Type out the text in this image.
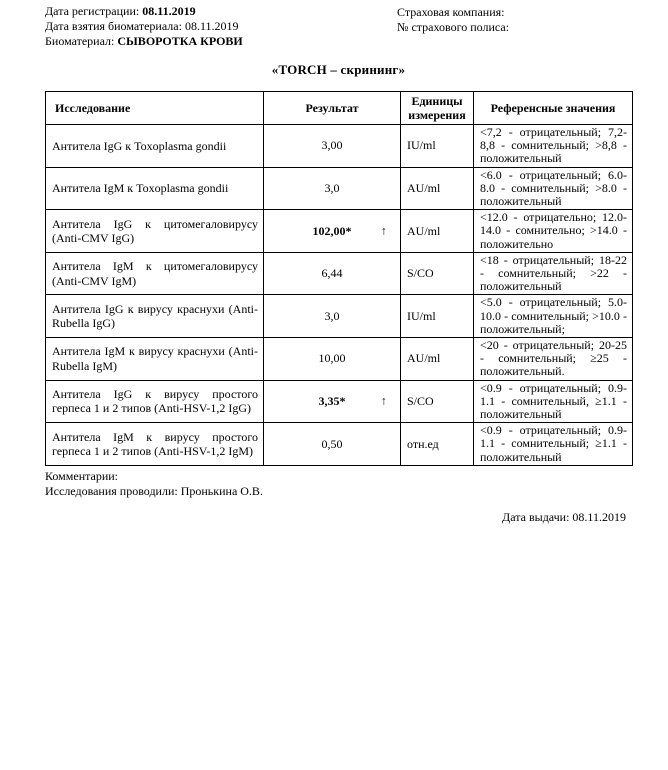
Дата регистрации: 08.11.2019
Дата взятия биоматериала: 08.11.2019
Биоматериал: СЫВОРОТКА КРОВИ
Страховая компания:
№ страхового полиса:
«TORCH – скрининг»
Исследование	Результат	Единицы измерения	Референсные значения
Антитела IgG к Toxoplasma gondii	3,00	IU/ml	<7,2 - отрицательный; 7,2-8,8 - сомнительный; >8,8 - положительный
Антитела IgM к Toxoplasma gondii	3,0	AU/ml	<6.0 - отрицательный; 6.0-8.0 - сомнительный; >8.0 - положительный
Антитела IgG к цитомегаловирусу (Anti-CMV IgG)	102,00* ↑	AU/ml	<12.0 - отрицательно; 12.0-14.0 - сомнительно; >14.0 - положительно
Антитела IgM к цитомегаловирусу (Anti-CMV IgM)	6,44	S/CO	<18 - отрицательный; 18-22 - сомнительный; >22 - положительный
Антитела IgG к вирусу краснухи (Anti-Rubella IgG)	3,0	IU/ml	<5.0 - отрицательный; 5.0-10.0 - сомнительный; >10.0 - положительный;
Антитела IgM к вирусу краснухи (Anti-Rubella IgM)	10,00	AU/ml	<20 - отрицательный; 20-25 - сомнительный; ≥25 - положительный.
Антитела IgG к вирусу простого герпеса 1 и 2 типов (Anti-HSV-1,2 IgG)	3,35* ↑	S/CO	<0.9 - отрицательный; 0.9-1.1 - сомнительный, ≥1.1 - положительный
Антитела IgM к вирусу простого герпеса 1 и 2 типов (Anti-HSV-1,2 IgM)	0,50	отн.ед	<0.9 - отрицательный; 0.9-1.1 - сомнительный; ≥1.1 - положительный
Комментарии:
Исследования проводили: Пронькина О.В.
Дата выдачи: 08.11.2019
